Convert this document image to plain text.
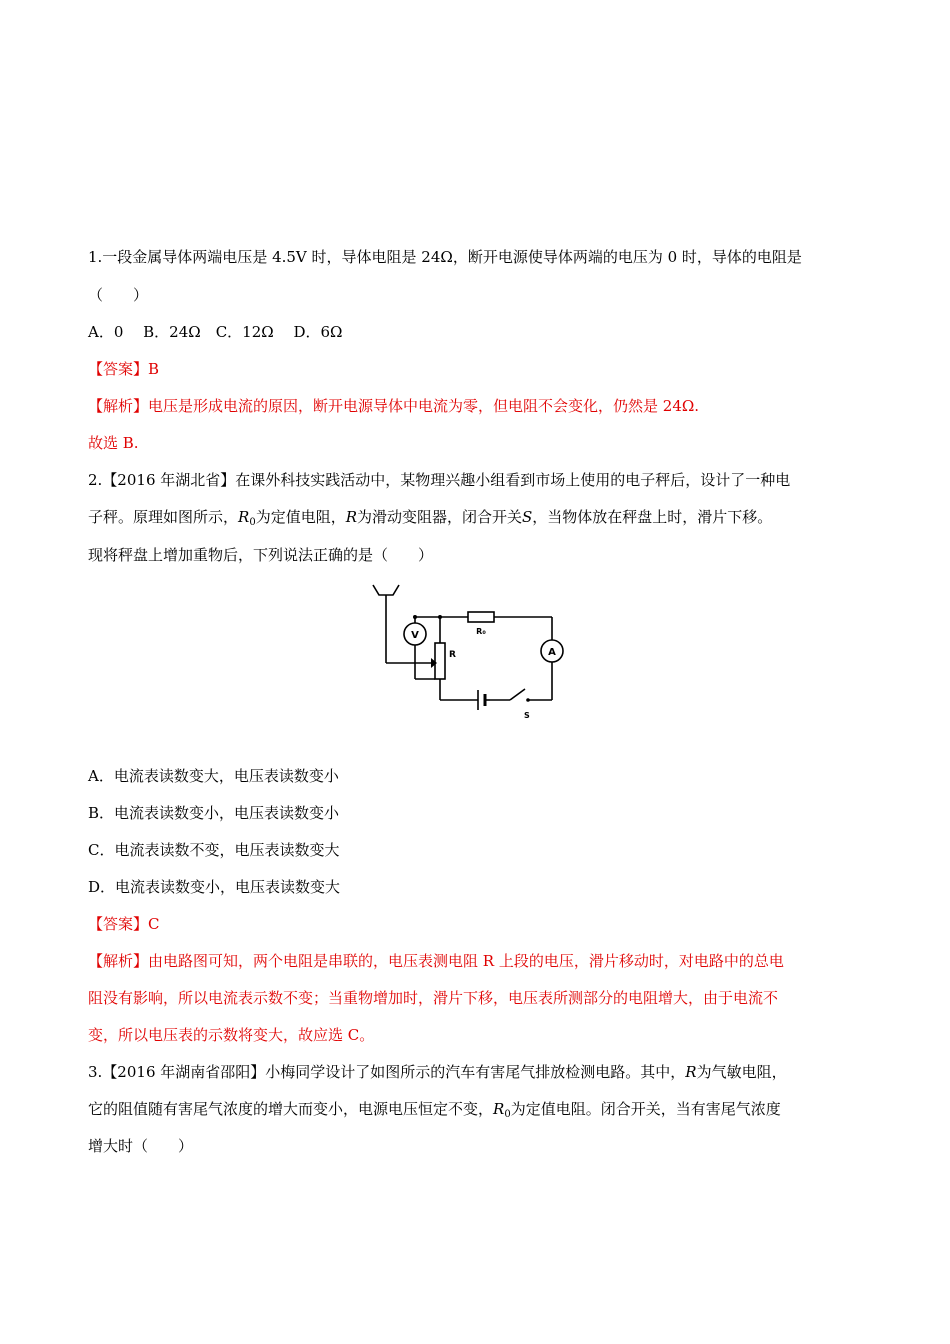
1.一段金属导体两端电压是 4.5V 时，导体电阻是 24Ω，断开电源使导体两端的电压为 0 时，导体的电阻是
（　　）
A．0　 B．24Ω　C．12Ω　 D．6Ω
【答案】B
【解析】电压是形成电流的原因，断开电源导体中电流为零，但电阻不会变化，仍然是 24Ω.
故选 B.
2.【2016 年湖北省】在课外科技实践活动中，某物理兴趣小组看到市场上使用的电子秤后，设计了一种电
子秤。原理如图所示，$R_0$为定值电阻，R为滑动变阻器，闭合开关S，当物体放在秤盘上时，滑片下移。
现将秤盘上增加重物后，下列说法正确的是（　　）
V
A
R₀
R
S
A．电流表读数变大，电压表读数变小
B．电流表读数变小，电压表读数变小
C．电流表读数不变，电压表读数变大
D．电流表读数变小，电压表读数变大
【答案】C
【解析】由电路图可知，两个电阻是串联的，电压表测电阻 R 上段的电压，滑片移动时，对电路中的总电
阻没有影响，所以电流表示数不变；当重物增加时，滑片下移，电压表所测部分的电阻增大，由于电流不
变，所以电压表的示数将变大，故应选 C。
3.【2016 年湖南省邵阳】小梅同学设计了如图所示的汽车有害尾气排放检测电路。其中，R为气敏电阻，
它的阻值随有害尾气浓度的增大而变小，电源电压恒定不变，$R_0$为定值电阻。闭合开关，当有害尾气浓度
增大时（　　）
